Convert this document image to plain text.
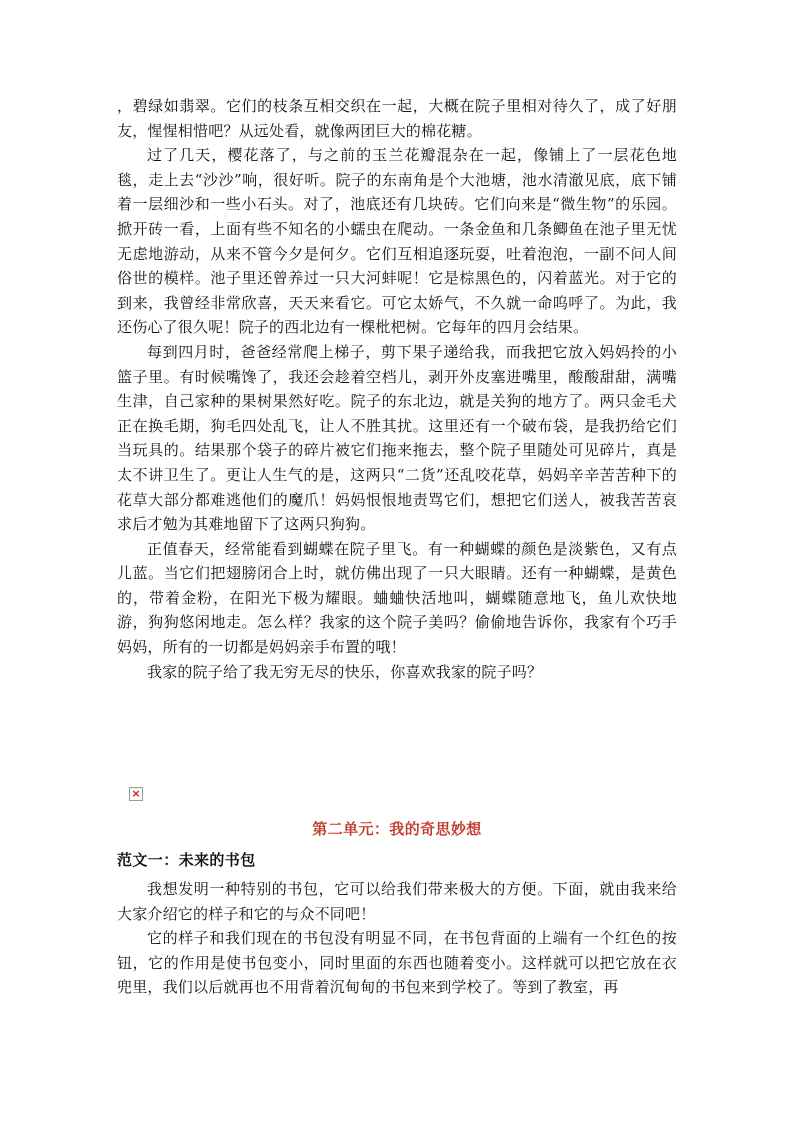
，碧绿如翡翠。它们的枝条互相交织在一起，大概在院子里相对待久了，成了好朋友，惺惺相惜吧？从远处看，就像两团巨大的棉花糖。

过了几天，樱花落了，与之前的玉兰花瓣混杂在一起，像铺上了一层花色地毯，走上去“沙沙”响，很好听。院子的东南角是个大池塘，池水清澈见底，底下铺着一层细沙和一些小石头。对了，池底还有几块砖。它们向来是“微生物”的乐园。掀开砖一看，上面有些不知名的小蠕虫在爬动。一条金鱼和几条鲫鱼在池子里无忧无虑地游动，从来不管今夕是何夕。它们互相追逐玩耍，吐着泡泡，一副不问人间俗世的模样。池子里还曾养过一只大河蚌呢！它是棕黑色的，闪着蓝光。对于它的到来，我曾经非常欣喜，天天来看它。可它太娇气，不久就一命呜呼了。为此，我还伤心了很久呢！院子的西北边有一棵枇杷树。它每年的四月会结果。

每到四月时，爸爸经常爬上梯子，剪下果子递给我，而我把它放入妈妈拎的小篮子里。有时候嘴馋了，我还会趁着空档儿，剥开外皮塞进嘴里，酸酸甜甜，满嘴生津，自己家种的果树果然好吃。院子的东北边，就是关狗的地方了。两只金毛犬正在换毛期，狗毛四处乱飞，让人不胜其扰。这里还有一个破布袋，是我扔给它们当玩具的。结果那个袋子的碎片被它们拖来拖去，整个院子里随处可见碎片，真是太不讲卫生了。更让人生气的是，这两只“二货”还乱咬花草，妈妈辛辛苦苦种下的花草大部分都难逃他们的魔爪！妈妈恨恨地责骂它们，想把它们送人，被我苦苦哀求后才勉为其难地留下了这两只狗狗。

正值春天，经常能看到蝴蝶在院子里飞。有一种蝴蝶的颜色是淡紫色，又有点儿蓝。当它们把翅膀闭合上时，就仿佛出现了一只大眼睛。还有一种蝴蝶，是黄色的，带着金粉，在阳光下极为耀眼。蛐蛐快活地叫，蝴蝶随意地飞，鱼儿欢快地游，狗狗悠闲地走。怎么样？我家的这个院子美吗？偷偷地告诉你，我家有个巧手妈妈，所有的一切都是妈妈亲手布置的哦！

我家的院子给了我无穷无尽的快乐，你喜欢我家的院子吗？

×
第二单元：我的奇思妙想
范文一：未来的书包

我想发明一种特别的书包，它可以给我们带来极大的方便。下面，就由我来给大家介绍它的样子和它的与众不同吧！

它的样子和我们现在的书包没有明显不同，在书包背面的上端有一个红色的按钮，它的作用是使书包变小，同时里面的东西也随着变小。这样就可以把它放在衣兜里，我们以后就再也不用背着沉甸甸的书包来到学校了。等到了教室，再
